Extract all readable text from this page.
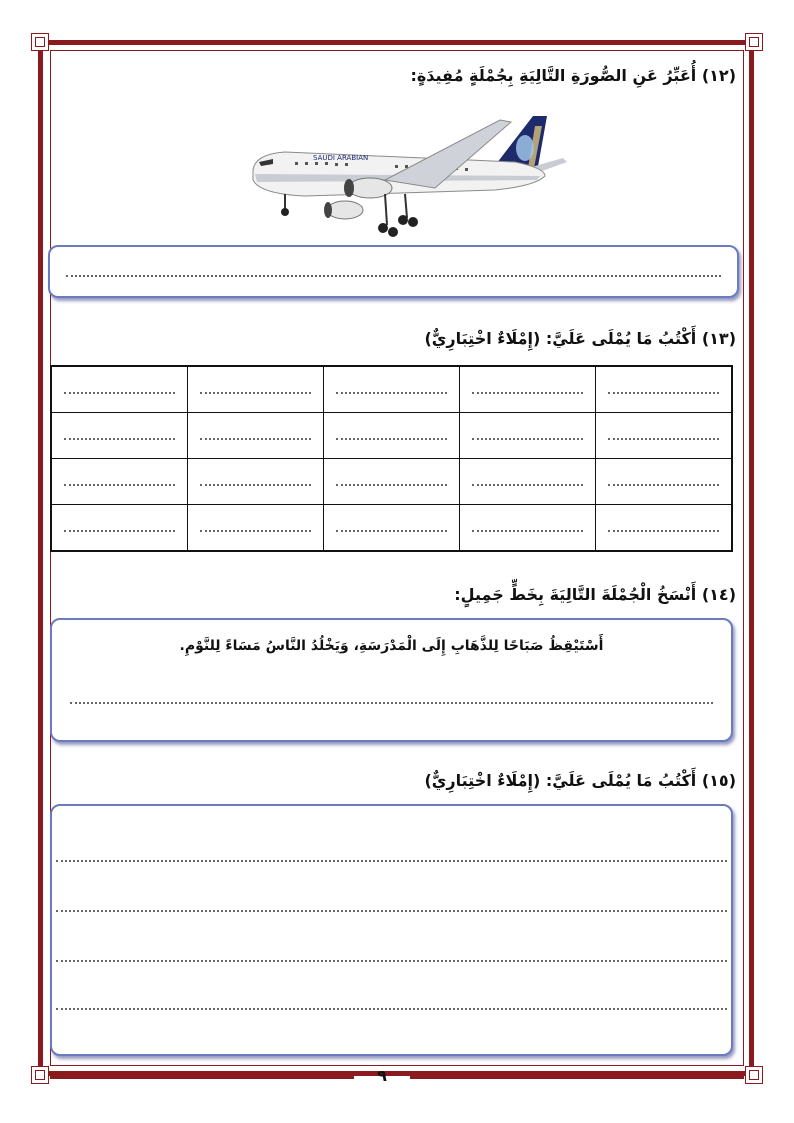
(١٢) أُعَبِّرُ عَنِ الصُّورَةِ التَّالِيَةِ بِجُمْلَةٍ مُفِيدَةٍ:
SAUDI ARABIAN
(١٣) أَكْتُبُ مَا يُمْلَى عَلَيَّ: (إِمْلَاءٌ اخْتِبَارِيٌّ)

(١٤) أَنْسَخُ الْجُمْلَةَ التَّالِيَةَ بِخَطٍّ جَمِيلٍ:
أَسْتَيْقِظُ صَبَاحًا لِلذَّهَابِ إِلَى الْمَدْرَسَةِ، وَيَخْلُدُ النَّاسُ مَسَاءً لِلنَّوْمِ.
(١٥) أَكْتُبُ مَا يُمْلَى عَلَيَّ: (إِمْلَاءٌ اخْتِبَارِيٌّ)
٩
